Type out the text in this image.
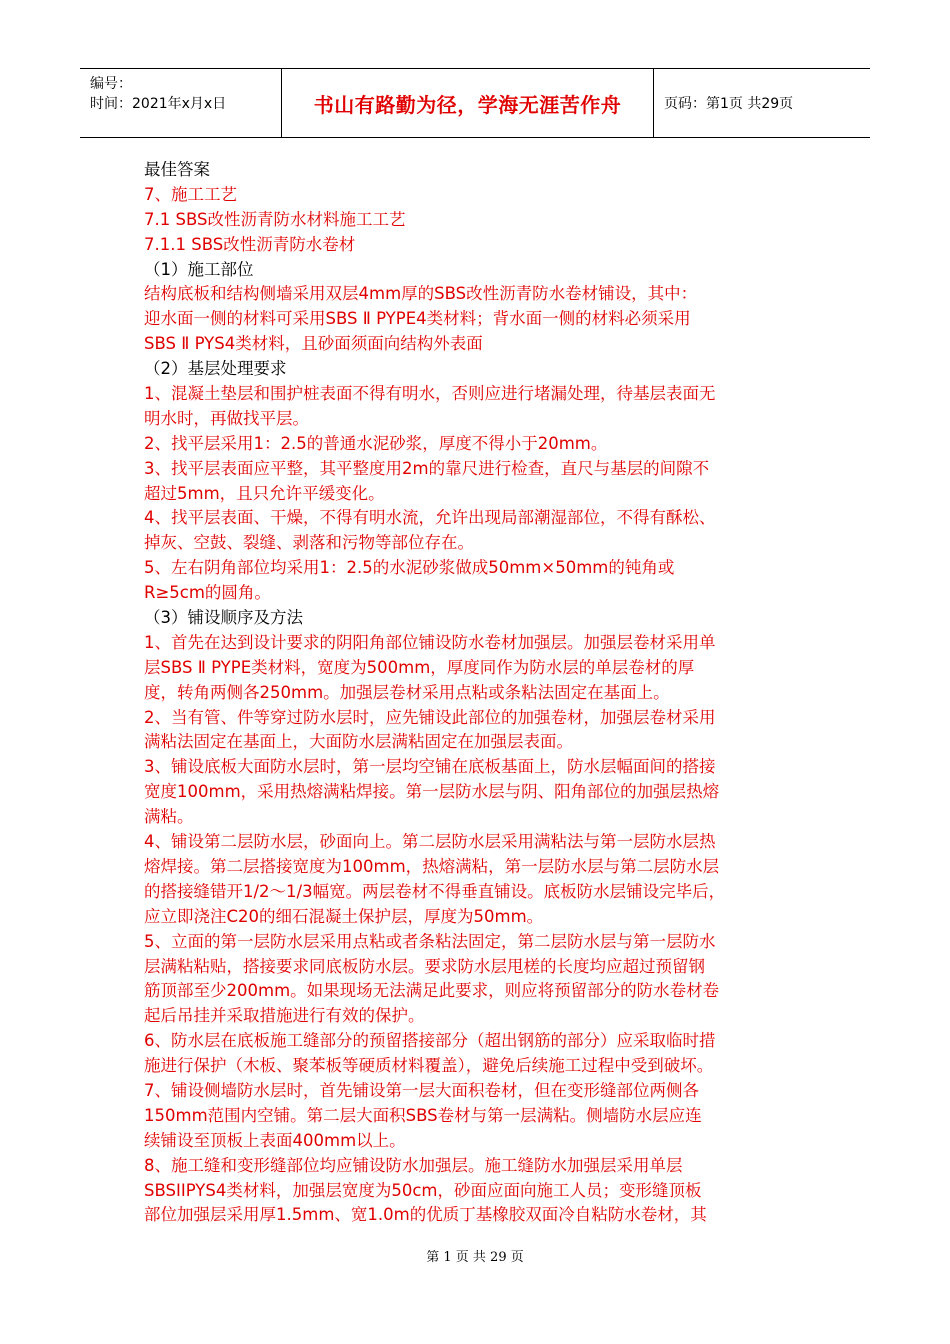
编号：
时间：2021年x月x日	书山有路勤为径，学海无涯苦作舟	页码：第1页 共29页
最佳答案
7、施工工艺
7.1 SBS改性沥青防水材料施工工艺
7.1.1 SBS改性沥青防水卷材
（1）施工部位
结构底板和结构侧墙采用双层4mm厚的SBS改性沥青防水卷材铺设，其中：
迎水面一侧的材料可采用SBS Ⅱ PYPE4类材料；背水面一侧的材料必须采用
SBS Ⅱ PYS4类材料，且砂面须面向结构外表面
（2）基层处理要求
1、混凝土垫层和围护桩表面不得有明水，否则应进行堵漏处理，待基层表面无
明水时，再做找平层。
2、找平层采用1：2.5的普通水泥砂浆，厚度不得小于20mm。
3、找平层表面应平整，其平整度用2m的靠尺进行检查，直尺与基层的间隙不
超过5mm，且只允许平缓变化。
4、找平层表面、干燥，不得有明水流，允许出现局部潮湿部位，不得有酥松、
掉灰、空鼓、裂缝、剥落和污物等部位存在。
5、左右阴角部位均采用1：2.5的水泥砂浆做成50mm×50mm的钝角或
R≥5cm的圆角。
（3）铺设顺序及方法
1、首先在达到设计要求的阴阳角部位铺设防水卷材加强层。加强层卷材采用单
层SBS Ⅱ PYPE类材料，宽度为500mm，厚度同作为防水层的单层卷材的厚
度，转角两侧各250mm。加强层卷材采用点粘或条粘法固定在基面上。
2、当有管、件等穿过防水层时，应先铺设此部位的加强卷材，加强层卷材采用
满粘法固定在基面上，大面防水层满粘固定在加强层表面。
3、铺设底板大面防水层时，第一层均空铺在底板基面上，防水层幅面间的搭接
宽度100mm，采用热熔满粘焊接。第一层防水层与阴、阳角部位的加强层热熔
满粘。
4、铺设第二层防水层，砂面向上。第二层防水层采用满粘法与第一层防水层热
熔焊接。第二层搭接宽度为100mm，热熔满粘，第一层防水层与第二层防水层
的搭接缝错开1/2～1/3幅宽。两层卷材不得垂直铺设。底板防水层铺设完毕后，
应立即浇注C20的细石混凝土保护层，厚度为50mm。
5、立面的第一层防水层采用点粘或者条粘法固定，第二层防水层与第一层防水
层满粘粘贴，搭接要求同底板防水层。要求防水层甩槎的长度均应超过预留钢
筋顶部至少200mm。如果现场无法满足此要求，则应将预留部分的防水卷材卷
起后吊挂并采取措施进行有效的保护。
6、防水层在底板施工缝部分的预留搭接部分（超出钢筋的部分）应采取临时措
施进行保护（木板、聚苯板等硬质材料覆盖），避免后续施工过程中受到破坏。
7、铺设侧墙防水层时，首先铺设第一层大面积卷材，但在变形缝部位两侧各
150mm范围内空铺。第二层大面积SBS卷材与第一层满粘。侧墙防水层应连
续铺设至顶板上表面400mm以上。
8、施工缝和变形缝部位均应铺设防水加强层。施工缝防水加强层采用单层
SBSIIPYS4类材料，加强层宽度为50cm，砂面应面向施工人员；变形缝顶板
部位加强层采用厚1.5mm、宽1.0m的优质丁基橡胶双面冷自粘防水卷材，其
第 1 页 共 29 页
